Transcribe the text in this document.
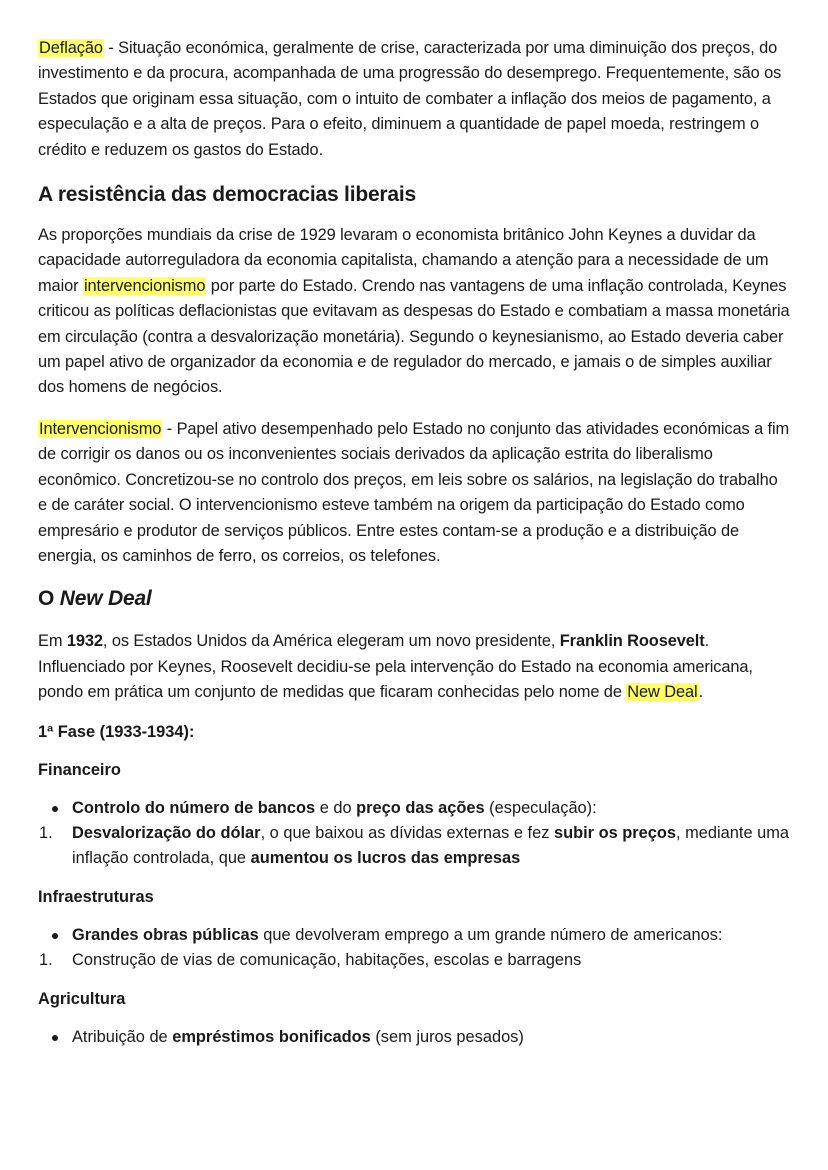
Deflação - Situação económica, geralmente de crise, caracterizada por uma diminuição dos preços, do investimento e da procura, acompanhada de uma progressão do desemprego. Frequentemente, são os Estados que originam essa situação, com o intuito de combater a inflação dos meios de pagamento, a especulação e a alta de preços. Para o efeito, diminuem a quantidade de papel moeda, restringem o crédito e reduzem os gastos do Estado.

A resistência das democracias liberais

As proporções mundiais da crise de 1929 levaram o economista britânico John Keynes a duvidar da capacidade autorreguladora da economia capitalista, chamando a atenção para a necessidade de um maior intervencionismo por parte do Estado. Crendo nas vantagens de uma inflação controlada, Keynes criticou as políticas deflacionistas que evitavam as despesas do Estado e combatiam a massa monetária em circulação (contra a desvalorização monetária). Segundo o keynesianismo, ao Estado deveria caber um papel ativo de organizador da economia e de regulador do mercado, e jamais o de simples auxiliar dos homens de negócios.

Intervencionismo - Papel ativo desempenhado pelo Estado no conjunto das atividades económicas a fim de corrigir os danos ou os inconvenientes sociais derivados da aplicação estrita do liberalismo econômico. Concretizou-se no controlo dos preços, em leis sobre os salários, na legislação do trabalho e de caráter social. O intervencionismo esteve também na origem da participação do Estado como empresário e produtor de serviços públicos. Entre estes contam-se a produção e a distribuição de energia, os caminhos de ferro, os correios, os telefones.

O New Deal

Em 1932, os Estados Unidos da América elegeram um novo presidente, Franklin Roosevelt. Influenciado por Keynes, Roosevelt decidiu-se pela intervenção do Estado na economia americana, pondo em prática um conjunto de medidas que ficaram conhecidas pelo nome de New Deal.

1ª Fase (1933-1934):
Financeiro
Controlo do número de bancos e do preço das ações (especulação):
1. Desvalorização do dólar, o que baixou as dívidas externas e fez subir os preços, mediante uma inflação controlada, que aumentou os lucros das empresas
Infraestruturas
Grandes obras públicas que devolveram emprego a um grande número de americanos:
1. Construção de vias de comunicação, habitações, escolas e barragens
Agricultura
Atribuição de empréstimos bonificados (sem juros pesados)
